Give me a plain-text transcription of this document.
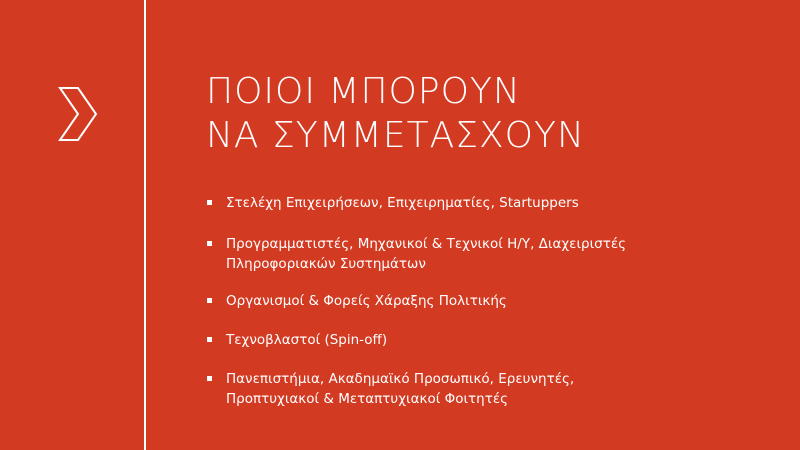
ΠΟΙΟΙ ΜΠΟΡΟΥΝ
ΝΑ ΣΥΜΜΕΤΑΣΧΟΥΝ
Στελέχη Επιχειρήσεων, Επιχειρηματίες, Startuppers
Προγραμματιστές, Μηχανικοί & Τεχνικοί Η/Υ, Διαχειριστές
Πληροφοριακών Συστημάτων
Οργανισμοί & Φορείς Χάραξης Πολιτικής
Τεχνοβλαστοί (Spin-off)
Πανεπιστήμια, Ακαδημαϊκό Προσωπικό, Ερευνητές,
Προπτυχιακοί & Μεταπτυχιακοί Φοιτητές
